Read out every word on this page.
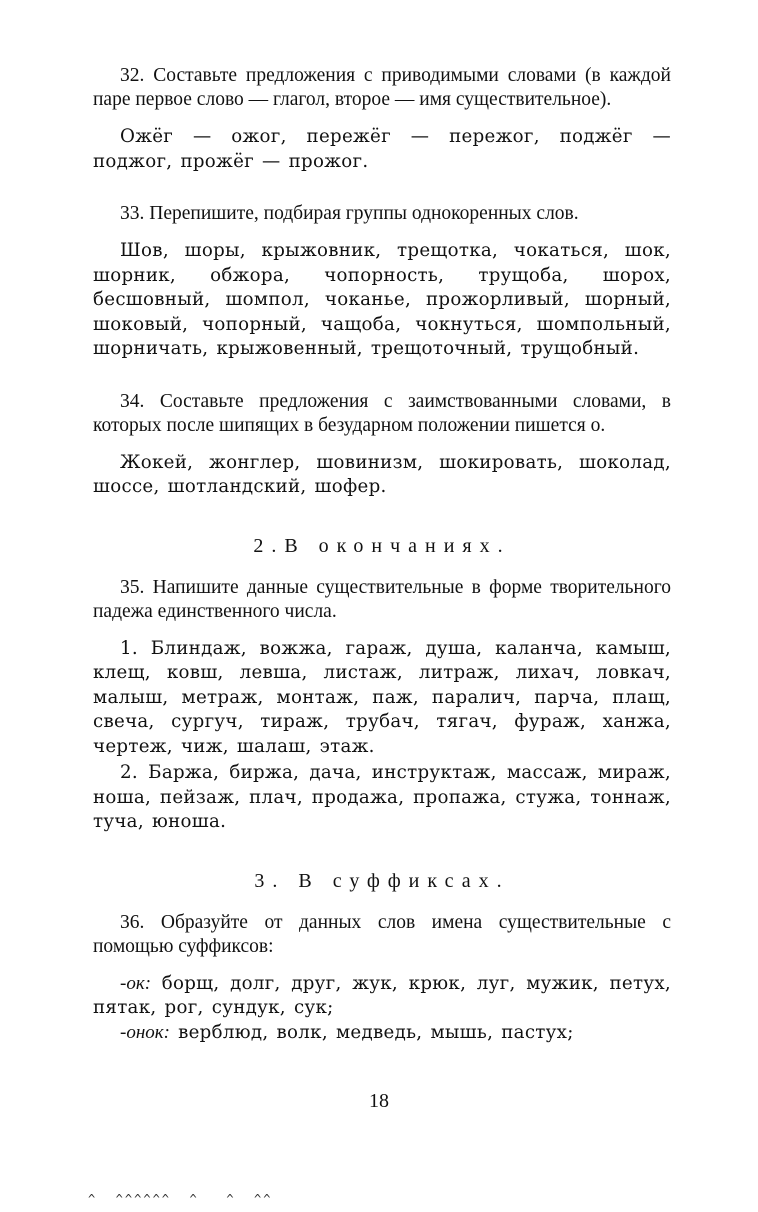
32. Составьте предложения с приводимыми словами (в каждой паре первое слово — глагол, второе — имя существительное).

Ожёг — ожог, пережёг — пережог, поджёг — поджог, прожёг — прожог.

33. Перепишите, подбирая группы однокоренных слов.

Шов, шоры, крыжовник, трещотка, чокаться, шок, шорник, обжора, чопорность, трущоба, шорох, бесшовный, шомпол, чоканье, прожорливый, шорный, шоковый, чопорный, чащоба, чокнуться, шомпольный, шорничать, крыжовенный, трещоточный, трущобный.

34. Составьте предложения с заимствованными словами, в которых после шипящих в безударном положении пишется о.

Жокей, жонглер, шовинизм, шокировать, шоколад, шоссе, шотландский, шофер.

2.В окончаниях.

35. Напишите данные существительные в форме творительного падежа единственного числа.

1. Блиндаж, вожжа, гараж, душа, каланча, камыш, клещ, ковш, левша, листаж, литраж, лихач, ловкач, малыш, метраж, монтаж, паж, паралич, парча, плащ, свеча, сургуч, тираж, трубач, тягач, фураж, ханжа, чертеж, чиж, шалаш, этаж.

2. Баржа, биржа, дача, инструктаж, массаж, мираж, ноша, пейзаж, плач, продажа, пропажа, стужа, тоннаж, туча, юноша.

3. В суффиксах.

36. Образуйте от данных слов имена существительные с помощью суффиксов:

-ок: борщ, долг, друг, жук, крюк, луг, мужик, петух, пятак, рог, сундук, сук;

-онок: верблюд, волк, медведь, мышь, пастух;

18
^  ^^^^^^  ^   ^  ^^
